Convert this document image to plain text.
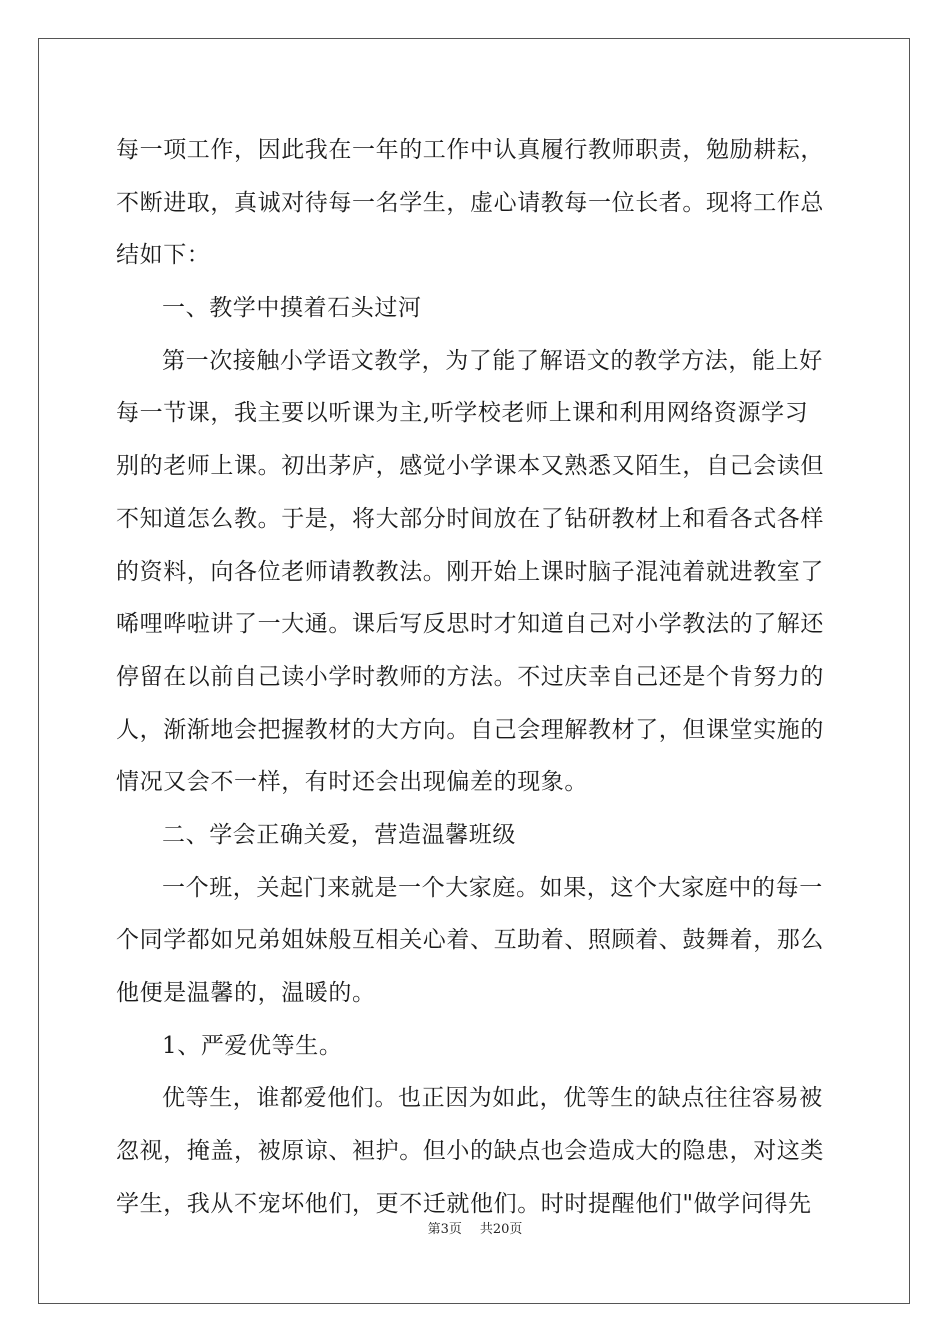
每一项工作，因此我在一年的工作中认真履行教师职责，勉励耕耘，
不断进取，真诚对待每一名学生，虚心请教每一位长者。现将工作总
结如下：
一、教学中摸着石头过河
第一次接触小学语文教学，为了能了解语文的教学方法，能上好
每一节课，我主要以听课为主,听学校老师上课和利用网络资源学习
别的老师上课。初出茅庐，感觉小学课本又熟悉又陌生，自己会读但
不知道怎么教。于是，将大部分时间放在了钻研教材上和看各式各样
的资料，向各位老师请教教法。刚开始上课时脑子混沌着就进教室了
唏哩哗啦讲了一大通。课后写反思时才知道自己对小学教法的了解还
停留在以前自己读小学时教师的方法。不过庆幸自己还是个肯努力的
人，渐渐地会把握教材的大方向。自己会理解教材了，但课堂实施的
情况又会不一样，有时还会出现偏差的现象。
二、学会正确关爱，营造温馨班级
一个班，关起门来就是一个大家庭。如果，这个大家庭中的每一
个同学都如兄弟姐妹般互相关心着、互助着、照顾着、鼓舞着，那么
他便是温馨的，温暖的。
1、严爱优等生。
优等生，谁都爱他们。也正因为如此，优等生的缺点往往容易被
忽视，掩盖，被原谅、袒护。但小的缺点也会造成大的隐患，对这类
学生，我从不宠坏他们，更不迁就他们。时时提醒他们"做学问得先
第3页 共20页
